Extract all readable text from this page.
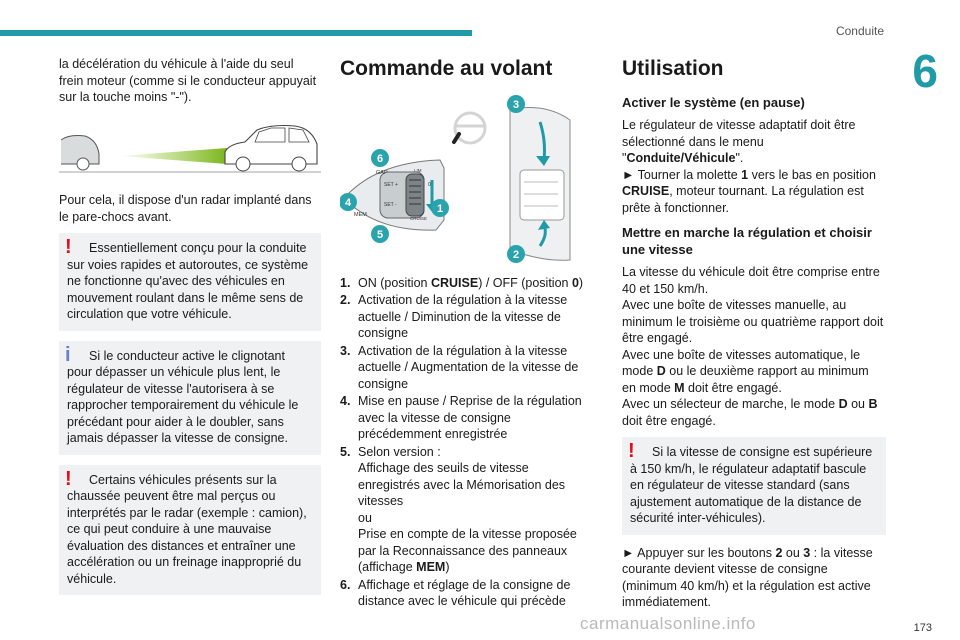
Conduite
6

la décélération du véhicule à l'aide du seul frein moteur (comme si le conducteur appuyait sur la touche moins "-").

Pour cela, il dispose d'un radar implanté dans le pare-chocs avant.

!	Essentiellement conçu pour la conduite sur voies rapides et autoroutes, ce système ne fonctionne qu'avec des véhicules en mouvement roulant dans le même sens de circulation que votre véhicule.
i	Si le conducteur active le clignotant pour dépasser un véhicule plus lent, le régulateur de vitesse l'autorisera à se rapprocher temporairement du véhicule le précédant pour aider à le doubler, sans jamais dépasser la vitesse de consigne.
!	Certains véhicules présents sur la chaussée peuvent être mal perçus ou interprétés par le radar (exemple : camion), ce qui peut conduire à une mauvaise évaluation des distances et entraîner une accélération ou un freinage inapproprié du véhicule.
Commande au volant
GAP
MEM
SET +
SET -
CRUISE
LIM
0
1
2
3
4
5
6
1. ON (position CRUISE) / OFF (position 0)
2. Activation de la régulation à la vitesse actuelle / Diminution de la vitesse de consigne
3. Activation de la régulation à la vitesse actuelle / Augmentation de la vitesse de consigne
4. Mise en pause / Reprise de la régulation avec la vitesse de consigne précédemment enregistrée
5. Selon version :
Affichage des seuils de vitesse enregistrés avec la Mémorisation des vitesses
ou
Prise en compte de la vitesse proposée par la Reconnaissance des panneaux (affichage MEM)
6. Affichage et réglage de la consigne de distance avec le véhicule qui précède
Utilisation
Activer le système (en pause)

Le régulateur de vitesse adaptatif doit être sélectionné dans le menu "Conduite/Véhicule".
► Tourner la molette 1 vers le bas en position CRUISE, moteur tournant. La régulation est prête à fonctionner.

Mettre en marche la régulation et choisir une vitesse

La vitesse du véhicule doit être comprise entre 40 et 150 km/h.
Avec une boîte de vitesses manuelle, au minimum le troisième ou quatrième rapport doit être engagé.
Avec une boîte de vitesses automatique, le mode D ou le deuxième rapport au minimum en mode M doit être engagé.
Avec un sélecteur de marche, le mode D ou B doit être engagé.

!	Si la vitesse de consigne est supérieure à 150 km/h, le régulateur adaptatif bascule en régulateur de vitesse standard (sans ajustement automatique de la distance de sécurité inter-véhicules).

► Appuyer sur les boutons 2 ou 3 : la vitesse courante devient vitesse de consigne (minimum 40 km/h) et la régulation est active immédiatement.

carmanualsonline.info	173
